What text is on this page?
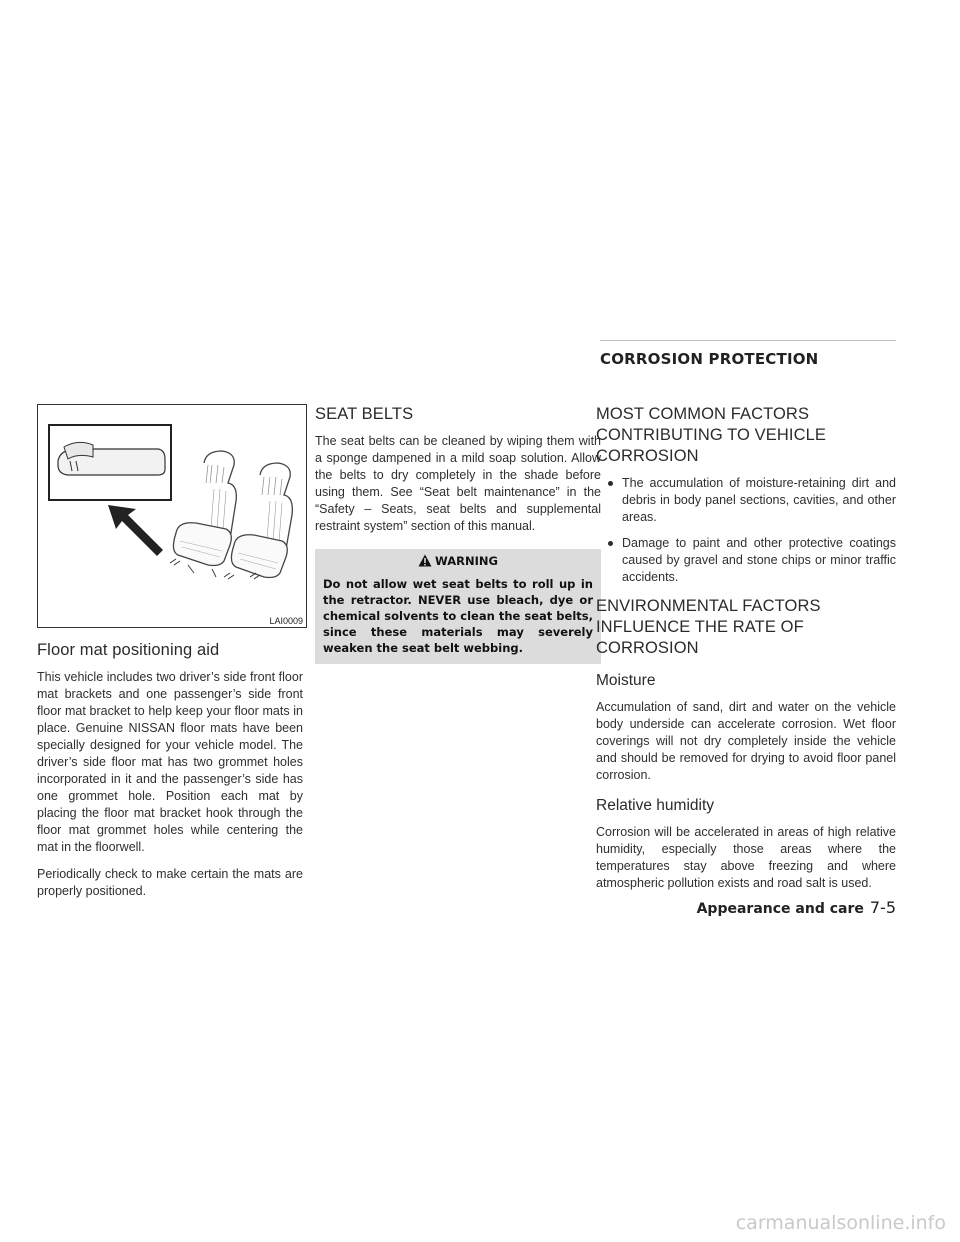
CORROSION PROTECTION
LAI0009
Floor mat positioning aid

This vehicle includes two driver’s side front floor mat brackets and one passenger’s side front floor mat bracket to help keep your floor mats in place. Genuine NISSAN floor mats have been specially designed for your vehicle model. The driver’s side floor mat has two grommet holes incorporated in it and the passenger’s side has one grommet hole. Position each mat by placing the floor mat bracket hook through the floor mat grommet holes while centering the mat in the floorwell.

Periodically check to make certain the mats are properly positioned.

SEAT BELTS

The seat belts can be cleaned by wiping them with a sponge dampened in a mild soap solution. Allow the belts to dry completely in the shade before using them. See “Seat belt maintenance” in the “Safety – Seats, seat belts and supplemental restraint system” section of this manual.

WARNING
Do not allow wet seat belts to roll up in the retractor. NEVER use bleach, dye or chemical solvents to clean the seat belts, since these materials may severely weaken the seat belt webbing.
MOST COMMON FACTORS CONTRIBUTING TO VEHICLE CORROSION
The accumulation of moisture-retaining dirt and debris in body panel sections, cavities, and other areas.
Damage to paint and other protective coatings caused by gravel and stone chips or minor traffic accidents.
ENVIRONMENTAL FACTORS INFLUENCE THE RATE OF CORROSION
Moisture

Accumulation of sand, dirt and water on the vehicle body underside can accelerate corrosion. Wet floor coverings will not dry completely inside the vehicle and should be removed for drying to avoid floor panel corrosion.

Relative humidity

Corrosion will be accelerated in areas of high relative humidity, especially those areas where the temperatures stay above freezing and where atmospheric pollution exists and road salt is used.

Appearance and care 7-5
carmanualsonline.info
